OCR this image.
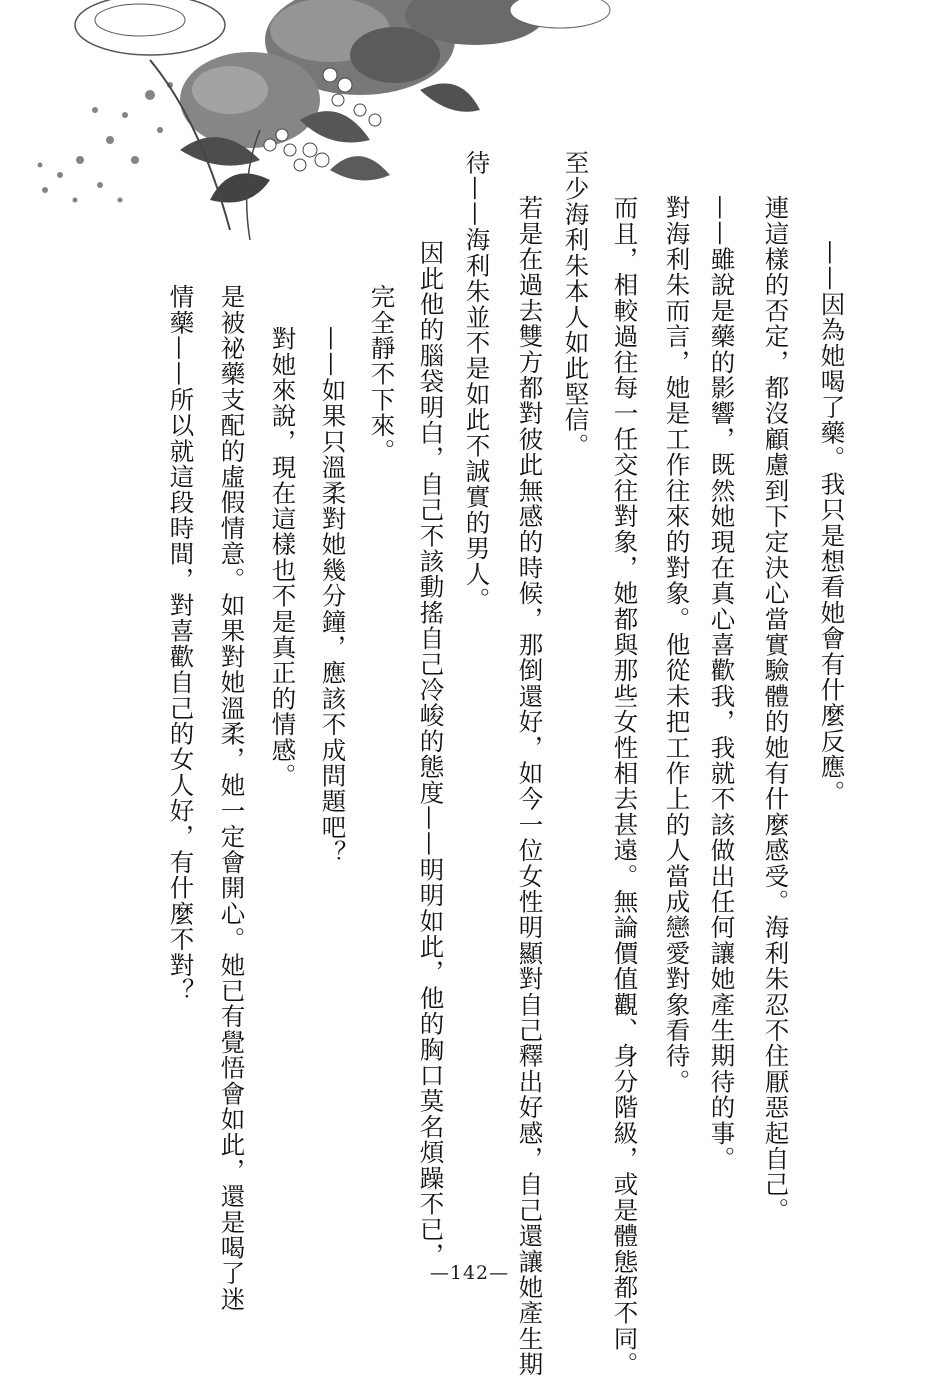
——因為她喝了藥。我只是想看她會有什麼反應。
連這樣的否定，都沒顧慮到下定決心當實驗體的她有什麼感受。海利朱忍不住厭惡起自己。
——雖說是藥的影響，既然她現在真心喜歡我，我就不該做出任何讓她產生期待的事。
對海利朱而言，她是工作往來的對象。他從未把工作上的人當成戀愛對象看待。
而且，相較過往每一任交往對象，她都與那些女性相去甚遠。無論價值觀、身分階級，或是體態都不同。
至少海利朱本人如此堅信。
若是在過去雙方都對彼此無感的時候，那倒還好，如今一位女性明顯對自己釋出好感，自己還讓她產生期
待——海利朱並不是如此不誠實的男人。
因此他的腦袋明白，自己不該動搖自己冷峻的態度——明明如此，他的胸口莫名煩躁不已，
完全靜不下來。
——如果只溫柔對她幾分鐘，應該不成問題吧？
對她來說，現在這樣也不是真正的情感。
是被祕藥支配的虛假情意。如果對她溫柔，她一定會開心。她已有覺悟會如此，還是喝了迷
情藥——所以就這段時間，對喜歡自己的女人好，有什麼不對？
—142—
